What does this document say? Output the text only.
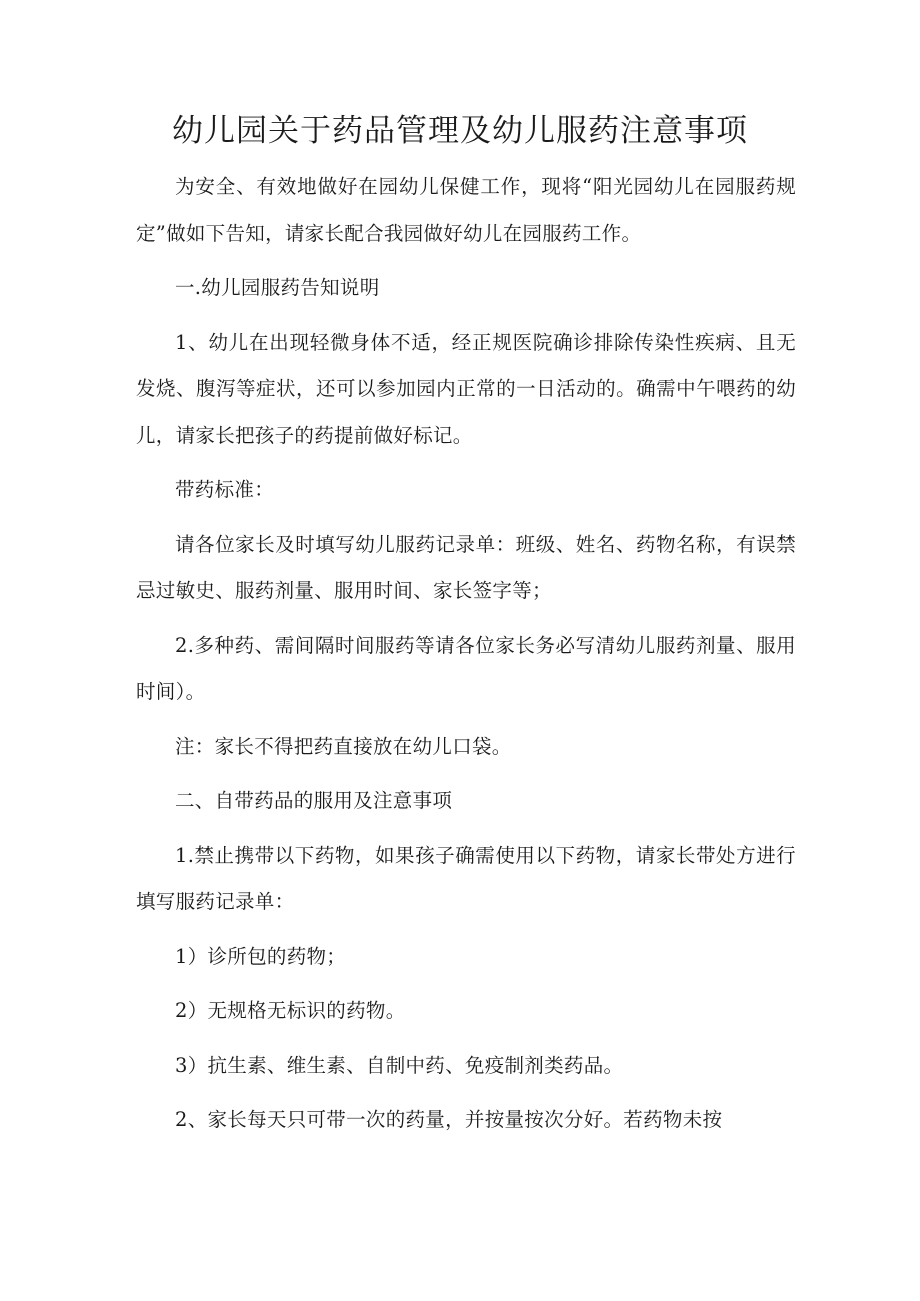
幼儿园关于药品管理及幼儿服药注意事项

为安全、有效地做好在园幼儿保健工作，现将“阳光园幼儿在园服药规定”做如下告知，请家长配合我园做好幼儿在园服药工作。

一.幼儿园服药告知说明

1、幼儿在出现轻微身体不适，经正规医院确诊排除传染性疾病、且无发烧、腹泻等症状，还可以参加园内正常的一日活动的。确需中午喂药的幼儿，请家长把孩子的药提前做好标记。

带药标准：

请各位家长及时填写幼儿服药记录单：班级、姓名、药物名称，有误禁忌过敏史、服药剂量、服用时间、家长签字等；

2.多种药、需间隔时间服药等请各位家长务必写清幼儿服药剂量、服用时间）。

注：家长不得把药直接放在幼儿口袋。

二、自带药品的服用及注意事项

1.禁止携带以下药物，如果孩子确需使用以下药物，请家长带处方进行填写服药记录单：

1）诊所包的药物；

2）无规格无标识的药物。

3）抗生素、维生素、自制中药、免疫制剂类药品。

2、家长每天只可带一次的药量，并按量按次分好。若药物未按
